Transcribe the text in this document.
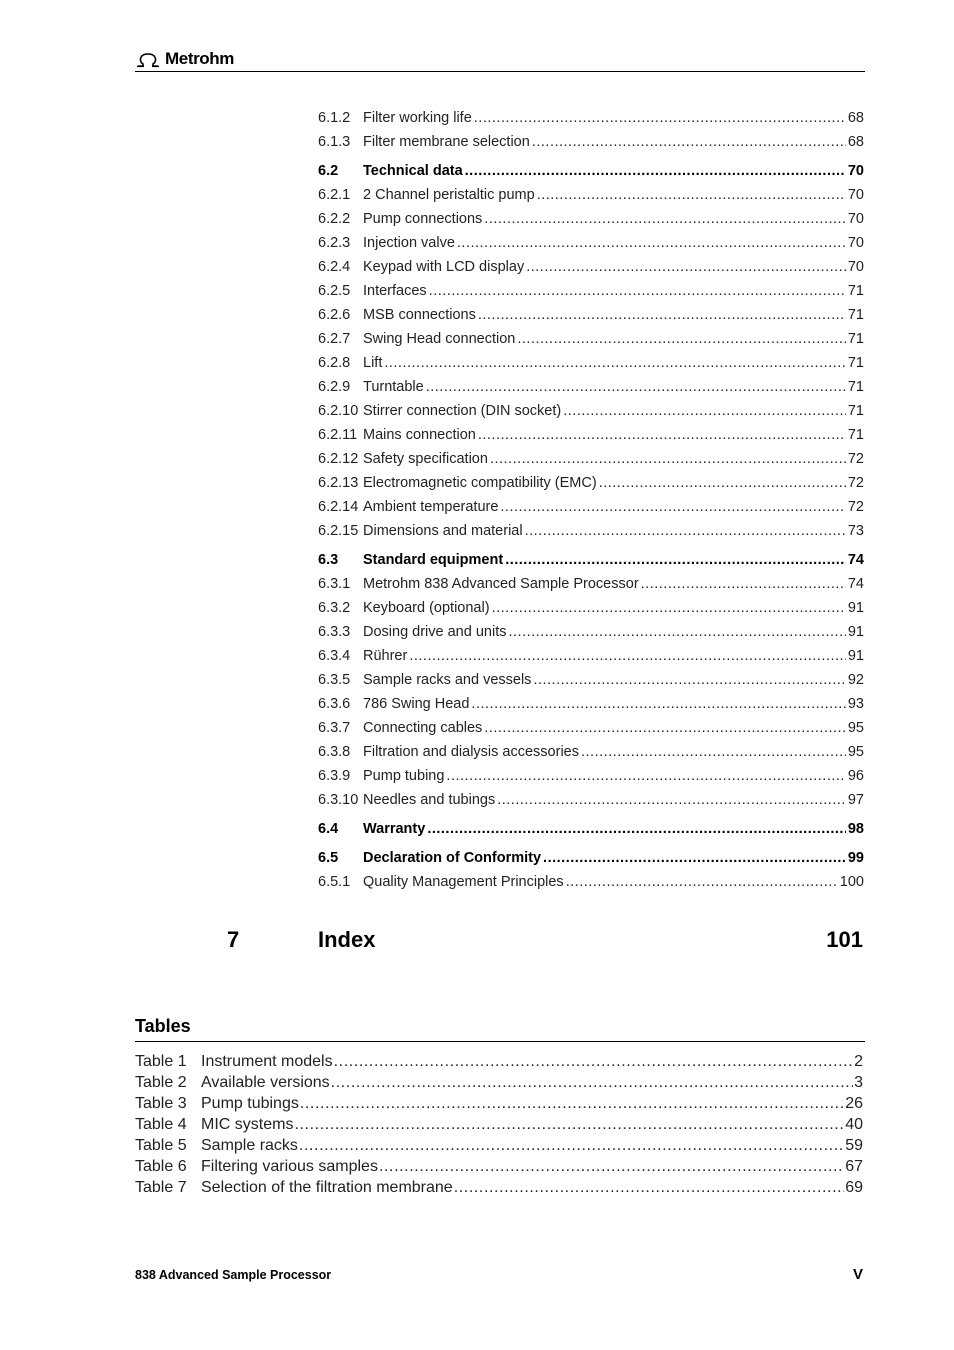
Metrohm
6.1.2 Filter working life .....	68
6.1.3 Filter membrane selection .....	68
6.2	Technical data .....	70
6.2.1 2 Channel peristaltic pump .....	70
6.2.2 Pump connections .....	70
6.2.3 Injection valve .....	70
6.2.4 Keypad with LCD display .....	70
6.2.5 Interfaces .....	71
6.2.6 MSB connections .....	71
6.2.7 Swing Head connection .....	71
6.2.8 Lift .....	71
6.2.9 Turntable .....	71
6.2.10 Stirrer connection (DIN socket) .....	71
6.2.11 Mains connection .....	71
6.2.12 Safety specification .....	72
6.2.13 Electromagnetic compatibility (EMC) .....	72
6.2.14 Ambient temperature .....	72
6.2.15 Dimensions and material .....	73
6.3	Standard equipment .....	74
6.3.1 Metrohm 838 Advanced Sample Processor .....	74
6.3.2 Keyboard (optional) .....	91
6.3.3 Dosing drive and units .....	91
6.3.4 Rührer .....	91
6.3.5 Sample racks and vessels .....	92
6.3.6 786 Swing Head .....	93
6.3.7 Connecting cables .....	95
6.3.8 Filtration and dialysis accessories .....	95
6.3.9 Pump tubing .....	96
6.3.10 Needles and tubings .....	97
6.4	Warranty .....	98
6.5	Declaration of Conformity .....	99
6.5.1 Quality Management Principles .....	100
7	Index	101
Tables
Table 1 Instrument models .....	2
Table 2 Available versions .....	3
Table 3 Pump tubings .....	26
Table 4 MIC systems .....	40
Table 5 Sample racks .....	59
Table 6 Filtering various samples .....	67
Table 7 Selection of the filtration membrane .....	69
838 Advanced Sample Processor	V
